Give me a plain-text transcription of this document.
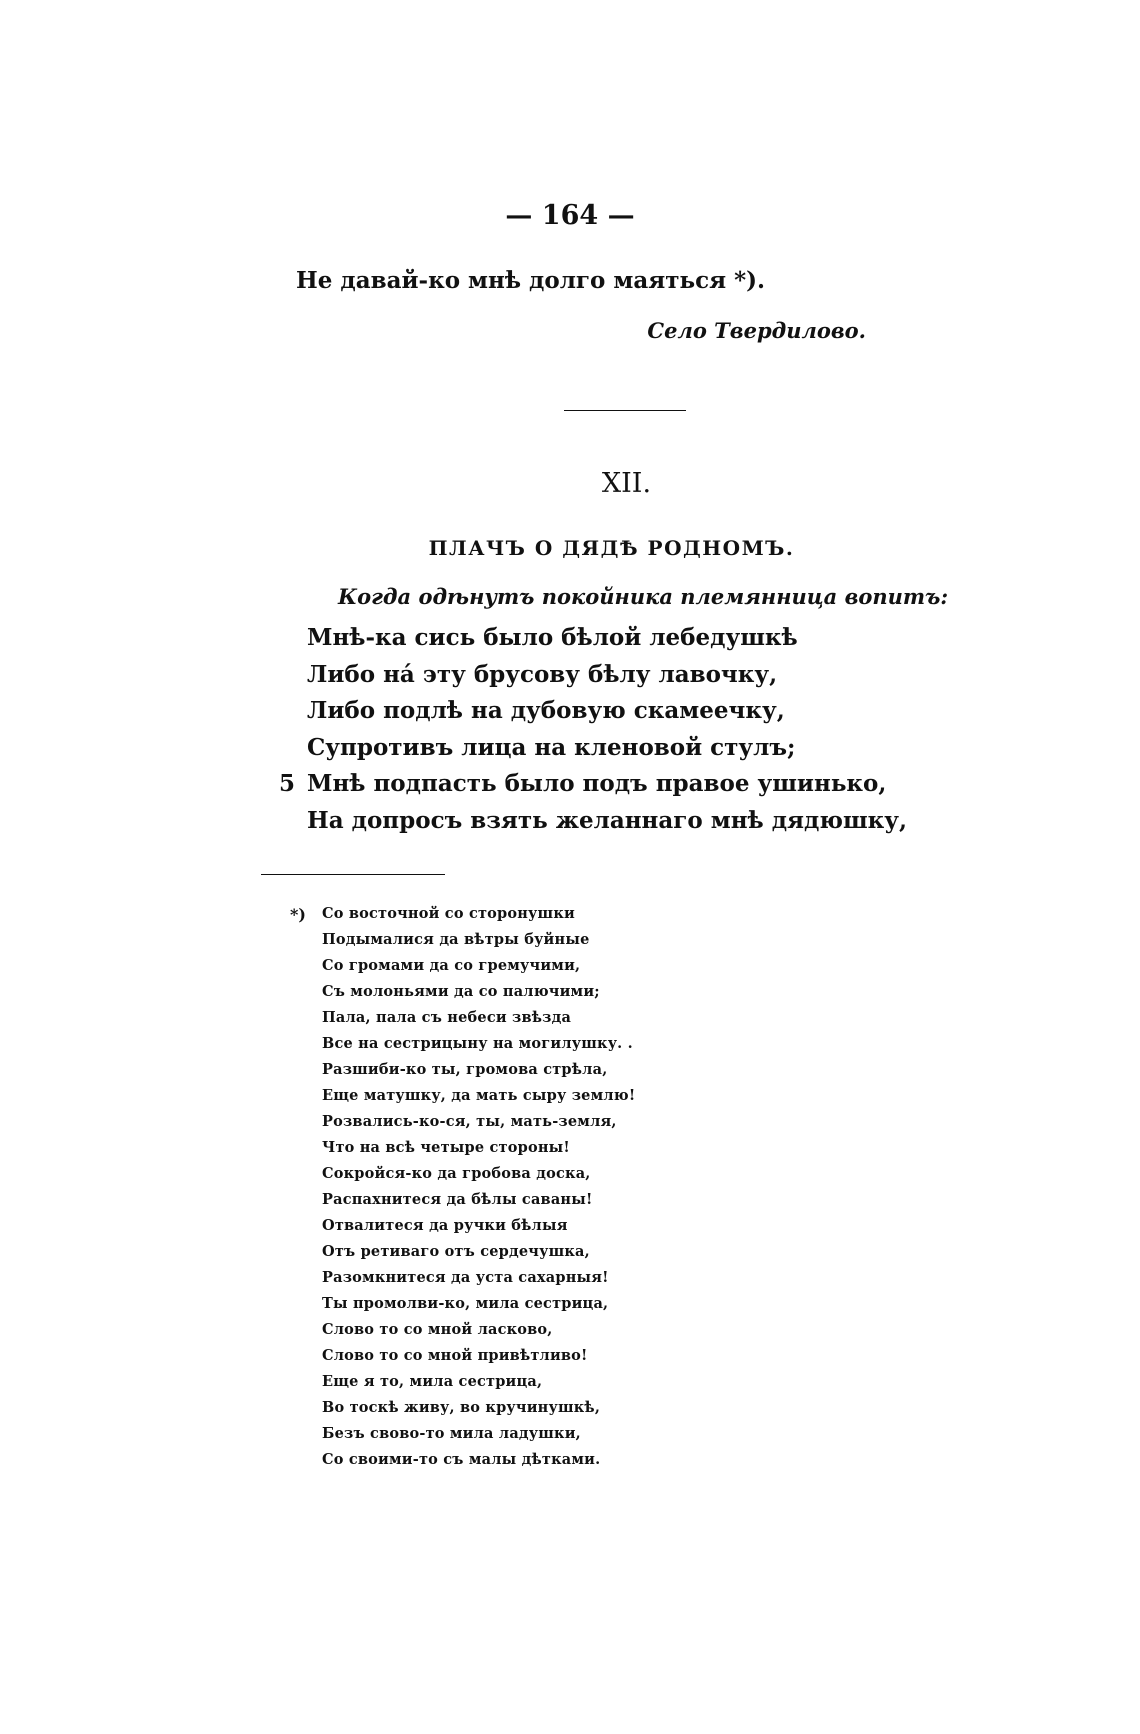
— 164 —
Не давай-ко мнѣ долго маяться *).
Село Твердилово.
XII.
ПЛАЧЪ О ДЯДѢ РОДНОМЪ.
Когда одѣнутъ покойника племянница вопитъ:
Мнѣ-ка сись было бѣлой лебедушкѣ
Либо нá эту брусову бѣлу лавочку,
Либо подлѣ на дубовую скамеечку,
Супротивъ лица на кленовой стулъ;
5 Мнѣ подпасть было подъ правое ушинько,
На допросъ взять желаннаго мнѣ дядюшку,
*) Со восточной со сторонушки
Подымалися да вѣтры буйные
Со громами да со гремучими,
Съ молоньями да со палючими;
Пала, пала съ небеси звѣзда
Все на сестрицыну на могилушку. .
Разшиби-ко ты, громова стрѣла,
Еще матушку, да мать сыру землю!
Розвались-ко-ся, ты, мать-земля,
Что на всѣ четыре стороны!
Сокройся-ко да гробова доска,
Распахнитеся да бѣлы саваны!
Отвалитеся да ручки бѣлыя
Отъ ретиваго отъ сердечушка,
Разомкнитеся да уста сахарныя!
Ты промолви-ко, мила сестрица,
Слово то со мной ласково,
Слово то со мной привѣтливо!
Еще я то, мила сестрица,
Во тоскѣ живу, во кручинушкѣ,
Безъ свово-то мила ладушки,
Со своими-то съ малы дѣтками.
